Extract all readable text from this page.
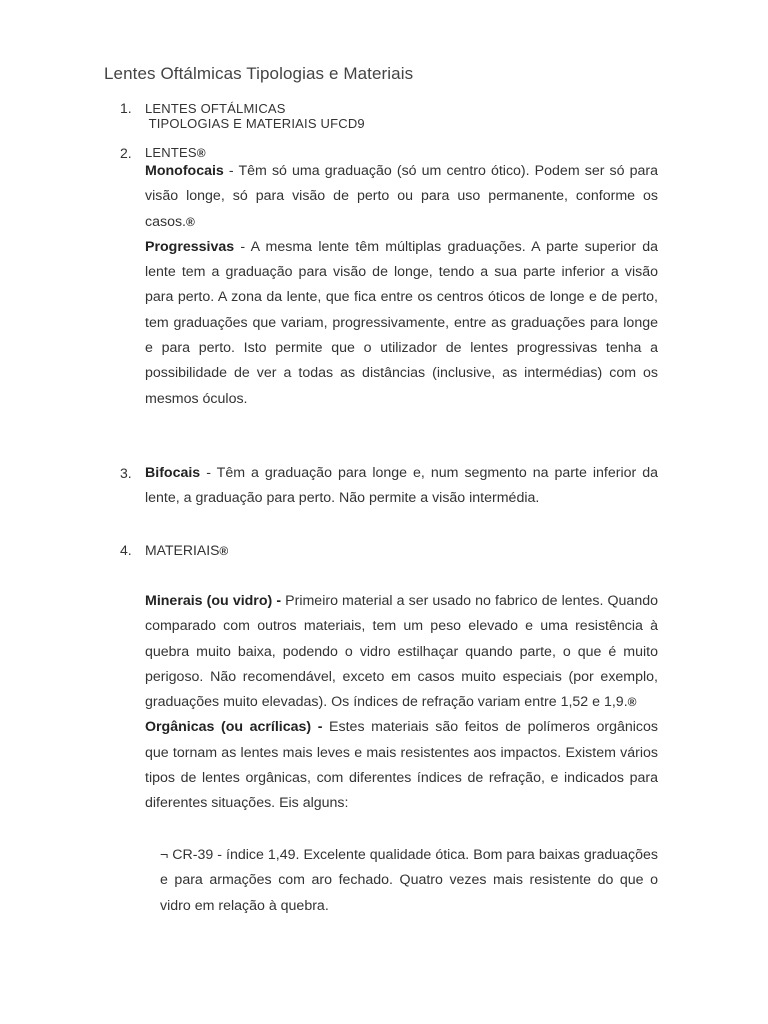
Lentes Oftálmicas Tipologias e Materiais
1. LENTES OFTÁLMICAS
TIPOLOGIAS E MATERIAIS UFCD9
2. LENTES®

Monofocais - Têm só uma graduação (só um centro ótico). Podem ser só para visão longe, só para visão de perto ou para uso permanente, conforme os casos.®

Progressivas - A mesma lente têm múltiplas graduações. A parte superior da lente tem a graduação para visão de longe, tendo a sua parte inferior a visão para perto. A zona da lente, que fica entre os centros óticos de longe e de perto, tem graduações que variam, progressivamente, entre as graduações para longe e para perto. Isto permite que o utilizador de lentes progressivas tenha a possibilidade de ver a todas as distâncias (inclusive, as intermédias) com os mesmos óculos.

3. Bifocais - Têm a graduação para longe e, num segmento na parte inferior da lente, a graduação para perto. Não permite a visão intermédia.

4. MATERIAIS®

Minerais (ou vidro) - Primeiro material a ser usado no fabrico de lentes. Quando comparado com outros materiais, tem um peso elevado e uma resistência à quebra muito baixa, podendo o vidro estilhaçar quando parte, o que é muito perigoso. Não recomendável, exceto em casos muito especiais (por exemplo, graduações muito elevadas). Os índices de refração variam entre 1,52 e 1,9.®

Orgânicas (ou acrílicas) - Estes materiais são feitos de polímeros orgânicos que tornam as lentes mais leves e mais resistentes aos impactos. Existem vários tipos de lentes orgânicas, com diferentes índices de refração, e indicados para diferentes situações. Eis alguns:

¬ CR-39 - índice 1,49. Excelente qualidade ótica. Bom para baixas graduações e para armações com aro fechado. Quatro vezes mais resistente do que o vidro em relação à quebra.
